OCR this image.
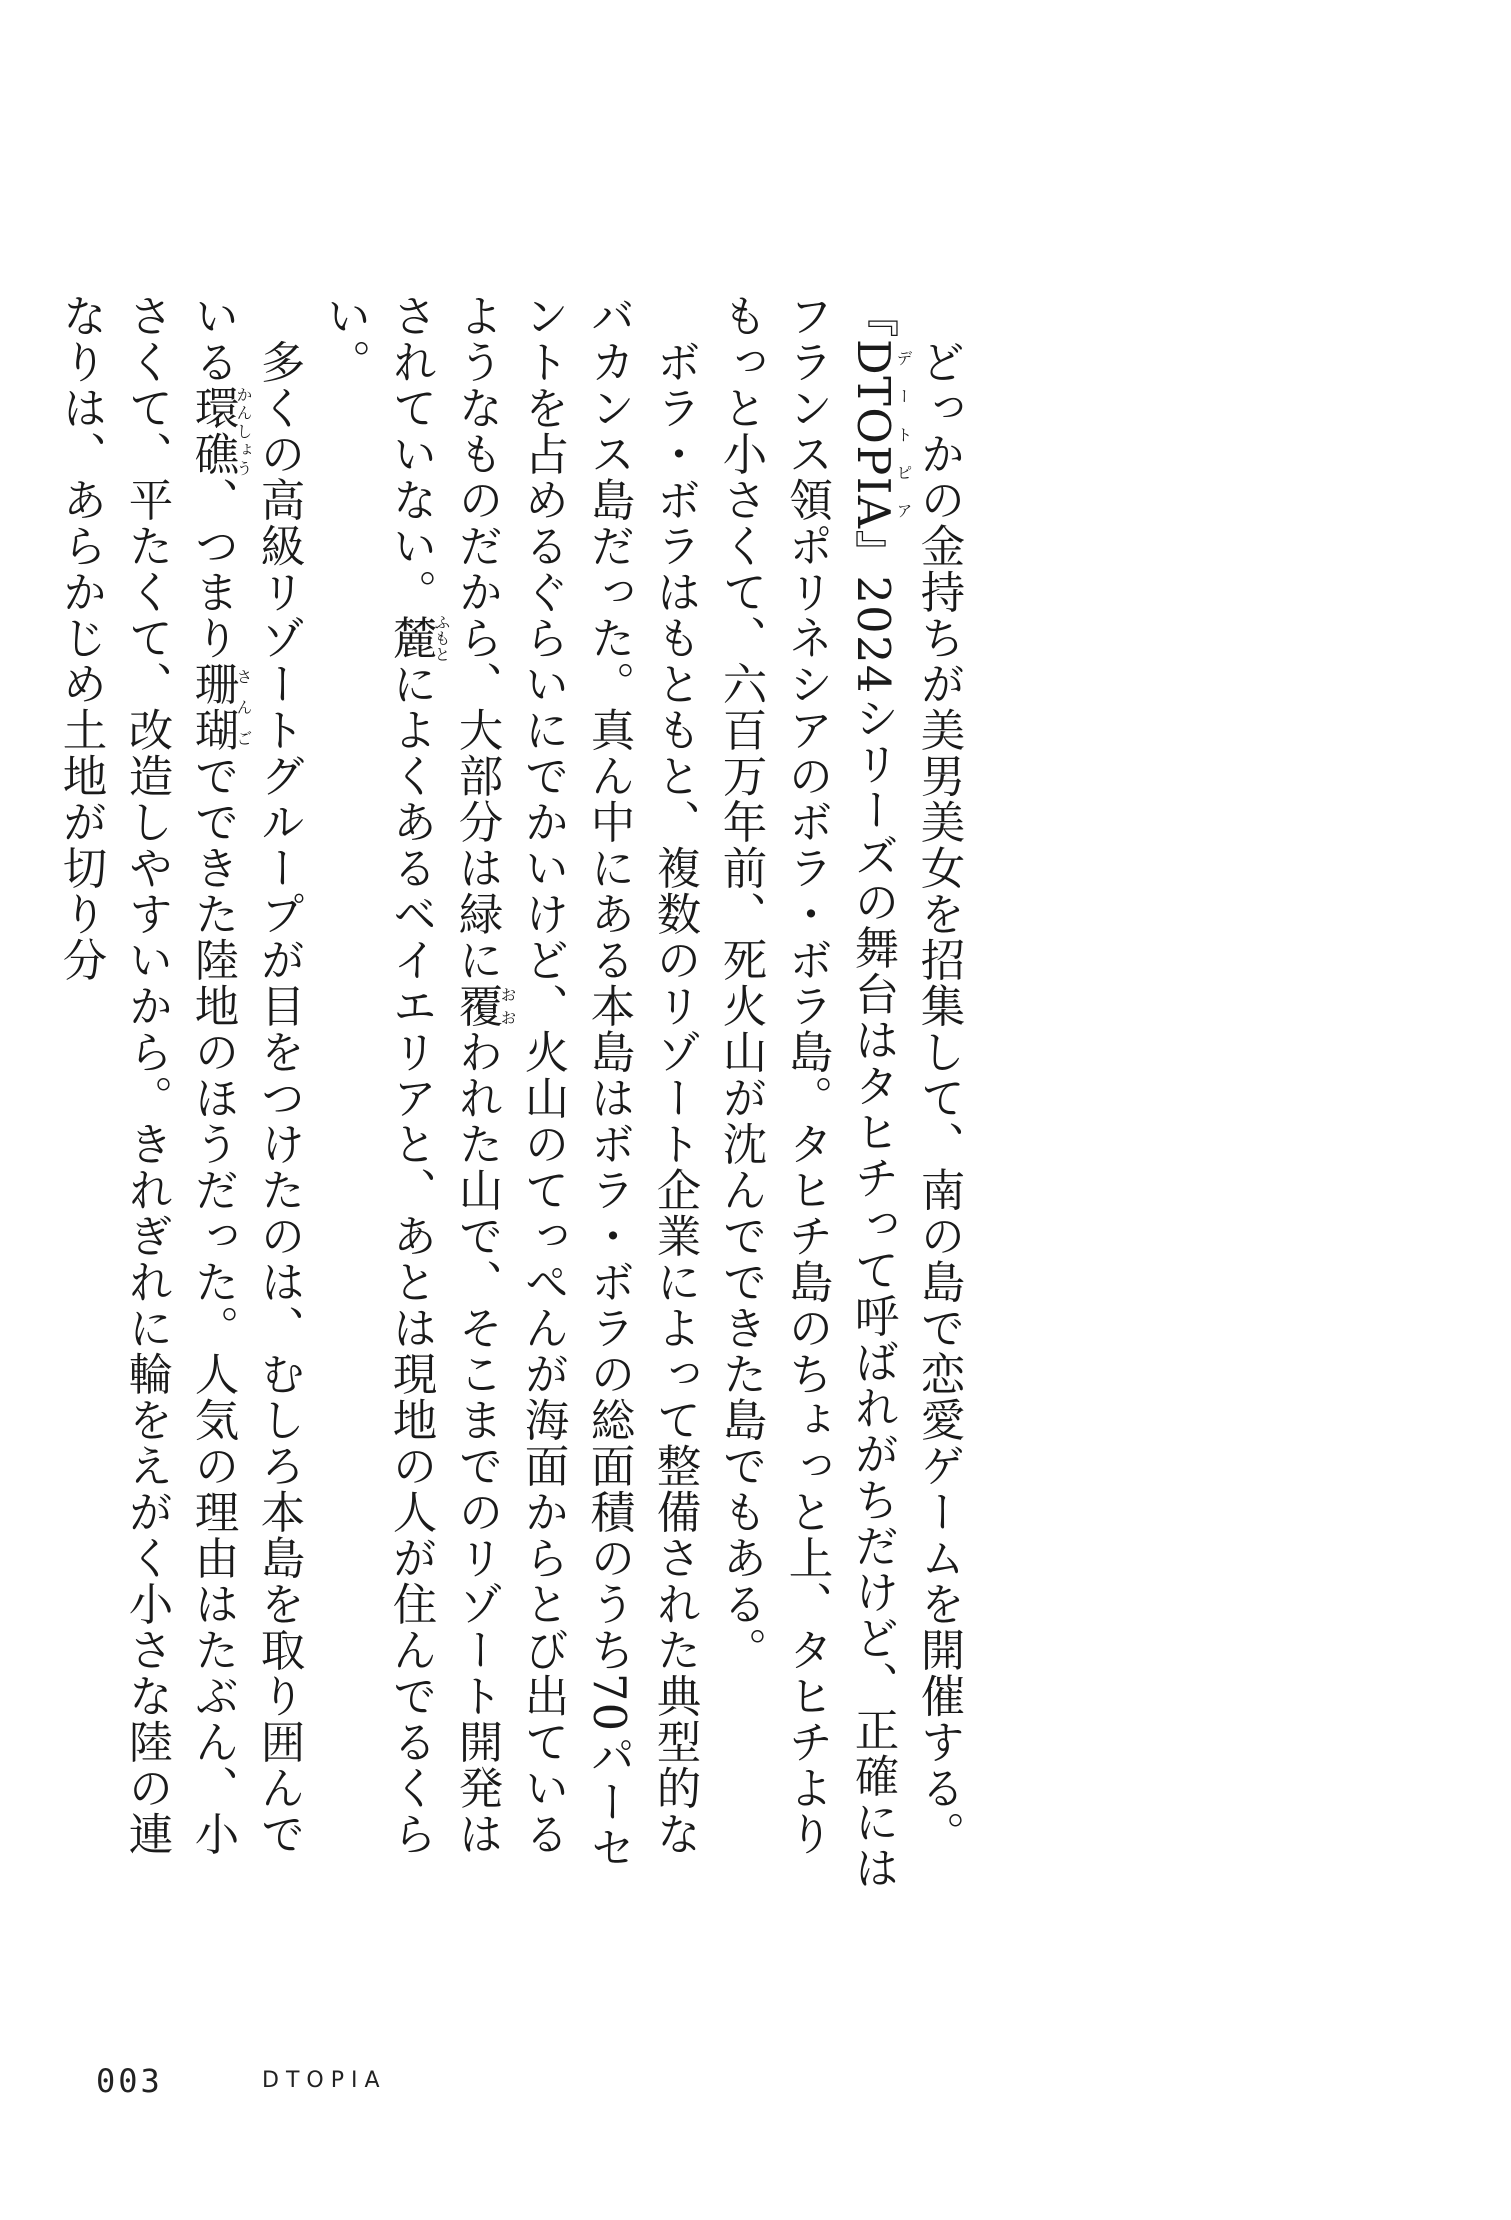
　どっかの金持ちが美男美女を招集して、南の島で恋愛ゲームを開催する。『DTOPIAデートピア』2024シリーズの舞台はタヒチって呼ばれがちだけど、正確にはフランス領ポリネシアのボラ・ボラ島。タヒチ島のちょっと上、タヒチよりもっと小さくて、六百万年前、死火山が沈んでできた島でもある。

　ボラ・ボラはもともと、複数のリゾート企業によって整備された典型的なバカンス島だった。真ん中にある本島はボラ・ボラの総面積のうち70パーセントを占めるぐらいにでかいけど、火山のてっぺんが海面からとび出ているようなものだから、大部分は緑に覆おおわれた山で、そこまでのリゾート開発はされていない。麓ふもとによくあるベイエリアと、あとは現地の人が住んでるくらい。

　多くの高級リゾートグループが目をつけたのは、むしろ本島を取り囲んでいる環礁かんしょう、つまり珊瑚さんごでできた陸地のほうだった。人気の理由はたぶん、小さくて、平たくて、改造しやすいから。きれぎれに輪をえがく小さな陸の連なりは、あらかじめ土地が切り分

003	DTOPIA
